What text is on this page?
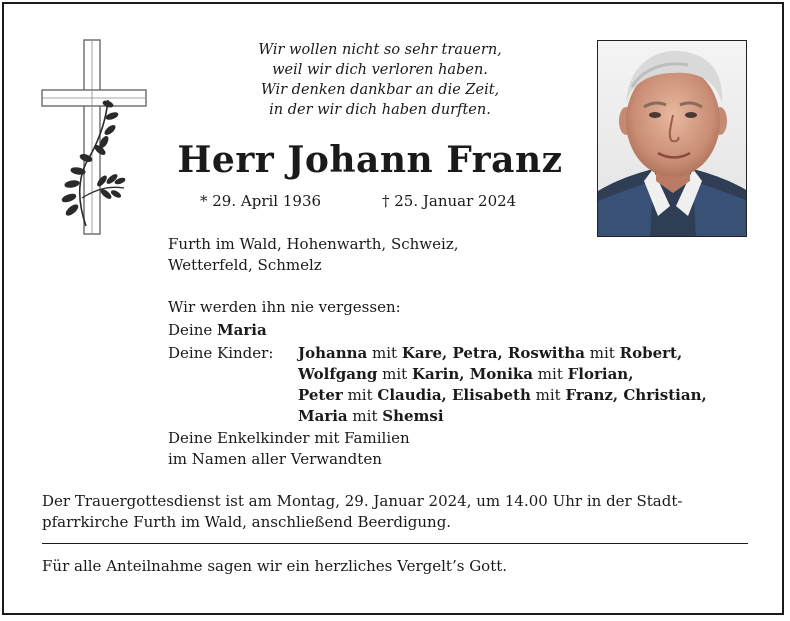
Wir wollen nicht so sehr trauern,
weil wir dich verloren haben.
Wir denken dankbar an die Zeit,
in der wir dich haben durften.
Herr Johann Franz
* 29. April 1936	† 25. Januar 2024
Furth im Wald, Hohenwarth, Schweiz,
Wetterfeld, Schmelz
Wir werden ihn nie vergessen:
Deine Maria
Deine Kinder: Johanna mit Kare, Petra, Roswitha mit Robert,
Wolfgang mit Karin, Monika mit Florian,
Peter mit Claudia, Elisabeth mit Franz, Christian,
Maria mit Shemsi
Deine Enkelkinder mit Familien
im Namen aller Verwandten
Der Trauergottesdienst ist am Montag, 29. Januar 2024, um 14.00 Uhr in der Stadt-
pfarrkirche Furth im Wald, anschließend Beerdigung.
Für alle Anteilnahme sagen wir ein herzliches Vergelt’s Gott.
